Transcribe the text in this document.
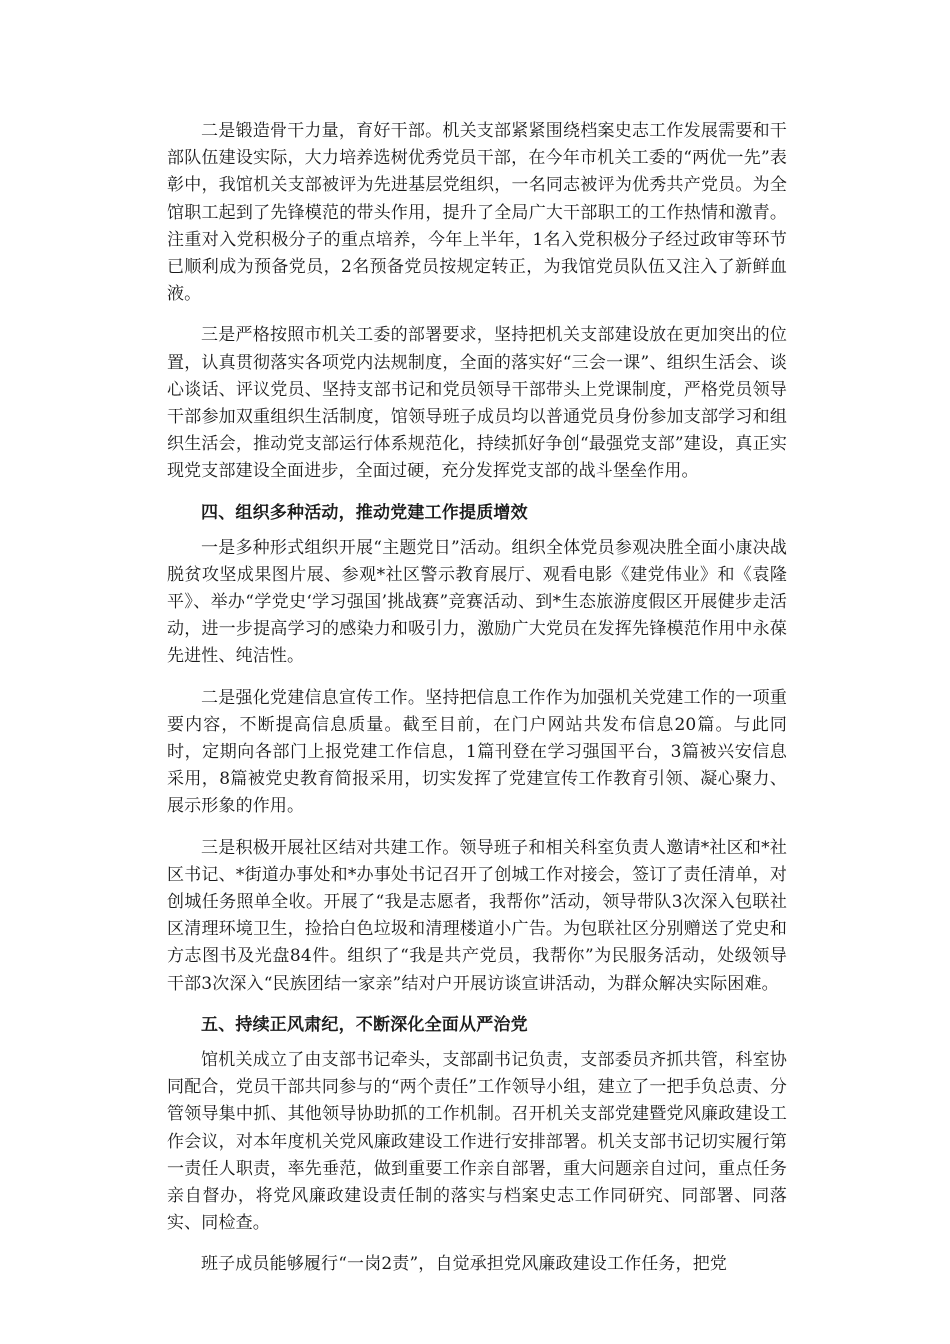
二是锻造骨干力量，育好干部。机关支部紧紧围绕档案史志工作发展需要和干部队伍建设实际，大力培养选树优秀党员干部，在今年市机关工委的“两优一先”表彰中，我馆机关支部被评为先进基层党组织，一名同志被评为优秀共产党员。为全馆职工起到了先锋模范的带头作用，提升了全局广大干部职工的工作热情和激青。注重对入党积极分子的重点培养，今年上半年，1名入党积极分子经过政审等环节已顺利成为预备党员，2名预备党员按规定转正，为我馆党员队伍又注入了新鲜血液。

三是严格按照市机关工委的部署要求，坚持把机关支部建设放在更加突出的位置，认真贯彻落实各项党内法规制度，全面的落实好“三会一课”、组织生活会、谈心谈话、评议党员、坚持支部书记和党员领导干部带头上党课制度，严格党员领导干部参加双重组织生活制度，馆领导班子成员均以普通党员身份参加支部学习和组织生活会，推动党支部运行体系规范化，持续抓好争创“最强党支部”建设，真正实现党支部建设全面进步，全面过硬，充分发挥党支部的战斗堡垒作用。

四、组织多种活动，推动党建工作提质增效

一是多种形式组织开展“主题党日”活动。组织全体党员参观决胜全面小康决战脱贫攻坚成果图片展、参观*社区警示教育展厅、观看电影《建党伟业》和《袁隆平》、举办“学党史‘学习强国’挑战赛”竞赛活动、到*生态旅游度假区开展健步走活动，进一步提高学习的感染力和吸引力，激励广大党员在发挥先锋模范作用中永葆先进性、纯洁性。

二是强化党建信息宣传工作。坚持把信息工作作为加强机关党建工作的一项重要内容，不断提高信息质量。截至目前，在门户网站共发布信息20篇。与此同时，定期向各部门上报党建工作信息，1篇刊登在学习强国平台，3篇被兴安信息采用，8篇被党史教育简报采用，切实发挥了党建宣传工作教育引领、凝心聚力、展示形象的作用。

三是积极开展社区结对共建工作。领导班子和相关科室负责人邀请*社区和*社区书记、*街道办事处和*办事处书记召开了创城工作对接会，签订了责任清单，对创城任务照单全收。开展了“我是志愿者，我帮你”活动，领导带队3次深入包联社区清理环境卫生，捡拾白色垃圾和清理楼道小广告。为包联社区分别赠送了党史和方志图书及光盘84件。组织了“我是共产党员，我帮你”为民服务活动，处级领导干部3次深入“民族团结一家亲”结对户开展访谈宣讲活动，为群众解决实际困难。

五、持续正风肃纪，不断深化全面从严治党

馆机关成立了由支部书记牵头，支部副书记负责，支部委员齐抓共管，科室协同配合，党员干部共同参与的“两个责任”工作领导小组，建立了一把手负总责、分管领导集中抓、其他领导协助抓的工作机制。召开机关支部党建暨党风廉政建设工作会议，对本年度机关党风廉政建设工作进行安排部署。机关支部书记切实履行第一责任人职责，率先垂范，做到重要工作亲自部署，重大问题亲自过问，重点任务亲自督办，将党风廉政建设责任制的落实与档案史志工作同研究、同部署、同落实、同检查。

班子成员能够履行“一岗2责”，自觉承担党风廉政建设工作任务，把党
